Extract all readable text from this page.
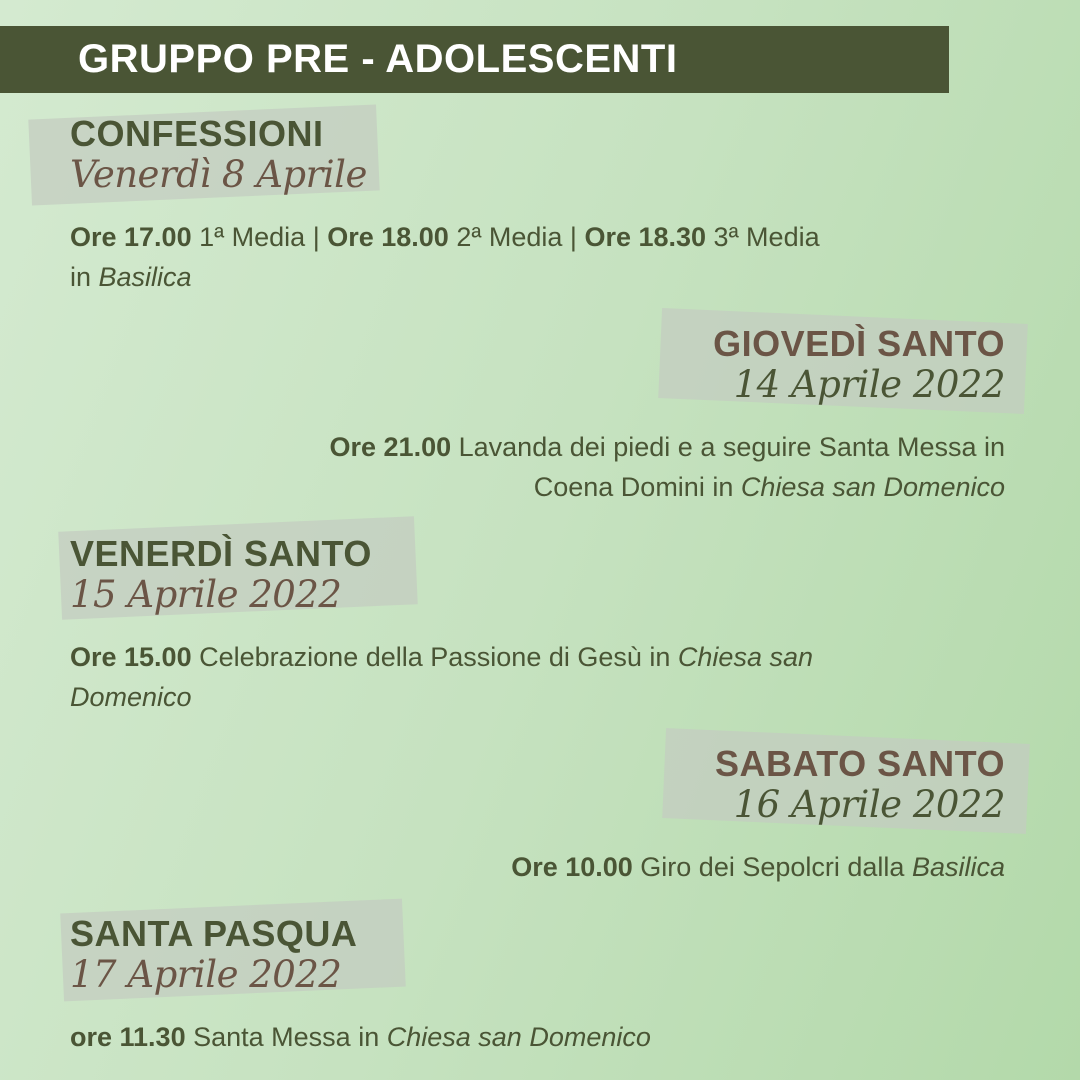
GRUPPO PRE - ADOLESCENTI
CONFESSIONI
Venerdì 8 Aprile
Ore 17.00 1ª Media | Ore 18.00 2ª Media | Ore 18.30 3ª Media
in Basilica
GIOVEDÌ SANTO
14 Aprile 2022
Ore 21.00 Lavanda dei piedi e a seguire Santa Messa in
Coena Domini in Chiesa san Domenico
VENERDÌ SANTO
15 Aprile 2022
Ore 15.00 Celebrazione della Passione di Gesù in Chiesa san
Domenico
SABATO SANTO
16 Aprile 2022
Ore 10.00 Giro dei Sepolcri dalla Basilica
SANTA PASQUA
17 Aprile 2022
ore 11.30 Santa Messa in Chiesa san Domenico
